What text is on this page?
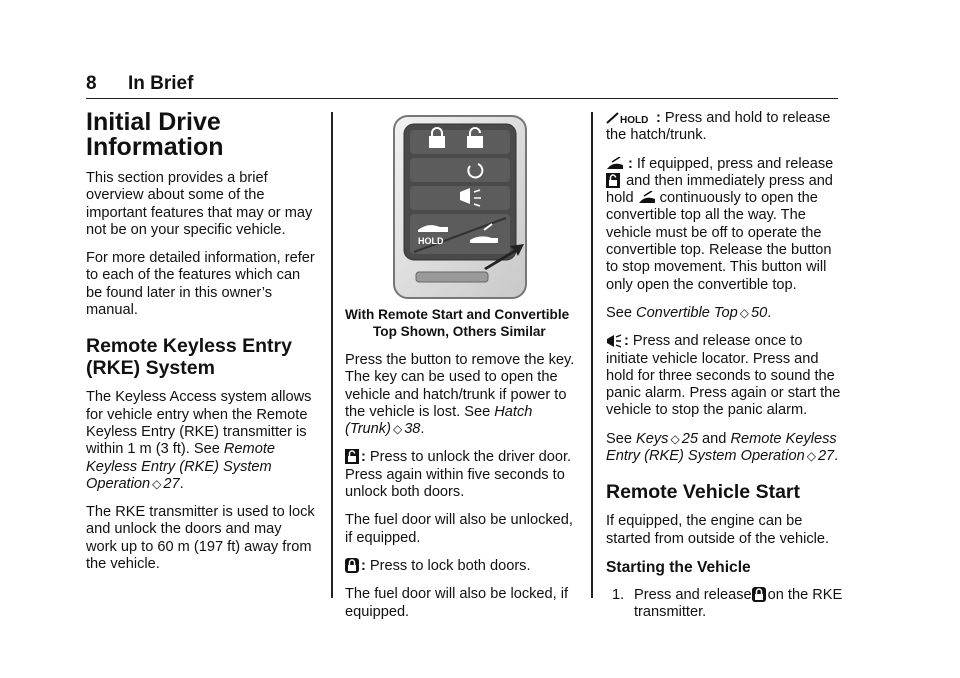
8 In Brief
Initial Drive Information

This section provides a brief overview about some of the important features that may or may not be on your specific vehicle.

For more detailed information, refer to each of the features which can be found later in this owner’s manual.

Remote Keyless Entry (RKE) System

The Keyless Access system allows for vehicle entry when the Remote Keyless Entry (RKE) transmitter is within 1 m (3 ft). See Remote Keyless Entry (RKE) System Operation ◇ 27.

The RKE transmitter is used to lock and unlock the doors and may work up to 60 m (197 ft) away from the vehicle.

HOLD
With Remote Start and Convertible
Top Shown, Others Similar

Press the button to remove the key. The key can be used to open the vehicle and hatch/trunk if power to the vehicle is lost. See Hatch (Trunk) ◇ 38.

: Press to unlock the driver door. Press again within five seconds to unlock both doors.

The fuel door will also be unlocked, if equipped.

: Press to lock both doors.

The fuel door will also be locked, if equipped.

HOLD : Press and hold to release the hatch/trunk.

: If equipped, press and release  and then immediately press and hold continuously to open the convertible top all the way. The vehicle must be off to operate the convertible top. Release the button to stop movement. This button will only open the convertible top.

See Convertible Top ◇ 50.

: Press and release once to initiate vehicle locator. Press and hold for three seconds to sound the panic alarm. Press again or start the vehicle to stop the panic alarm.

See Keys ◇ 25 and Remote Keyless Entry (RKE) System Operation ◇ 27.

Remote Vehicle Start

If equipped, the engine can be started from outside of the vehicle.

Starting the Vehicle

1. Press and release on the RKE transmitter.
